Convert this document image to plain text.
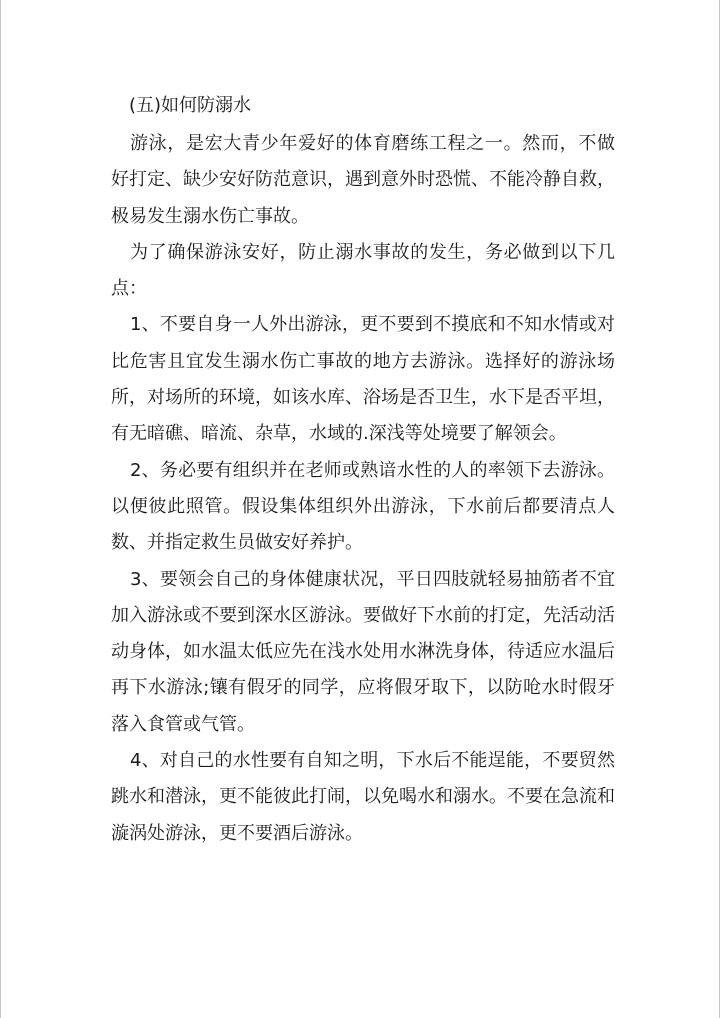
(五)如何防溺水

游泳，是宏大青少年爱好的体育磨练工程之一。然而，不做好打定、缺少安好防范意识，遇到意外时恐慌、不能冷静自救，极易发生溺水伤亡事故。

为了确保游泳安好，防止溺水事故的发生，务必做到以下几点：

1、不要自身一人外出游泳，更不要到不摸底和不知水情或对比危害且宜发生溺水伤亡事故的地方去游泳。选择好的游泳场所，对场所的环境，如该水库、浴场是否卫生，水下是否平坦，有无暗礁、暗流、杂草，水域的.深浅等处境要了解领会。

2、务必要有组织并在老师或熟谙水性的人的率领下去游泳。以便彼此照管。假设集体组织外出游泳，下水前后都要清点人数、并指定救生员做安好养护。

3、要领会自己的身体健康状况，平日四肢就轻易抽筋者不宜加入游泳或不要到深水区游泳。要做好下水前的打定，先活动活动身体，如水温太低应先在浅水处用水淋洗身体，待适应水温后再下水游泳;镶有假牙的同学，应将假牙取下，以防呛水时假牙落入食管或气管。

4、对自己的水性要有自知之明，下水后不能逞能，不要贸然跳水和潜泳，更不能彼此打闹，以免喝水和溺水。不要在急流和漩涡处游泳，更不要酒后游泳。
